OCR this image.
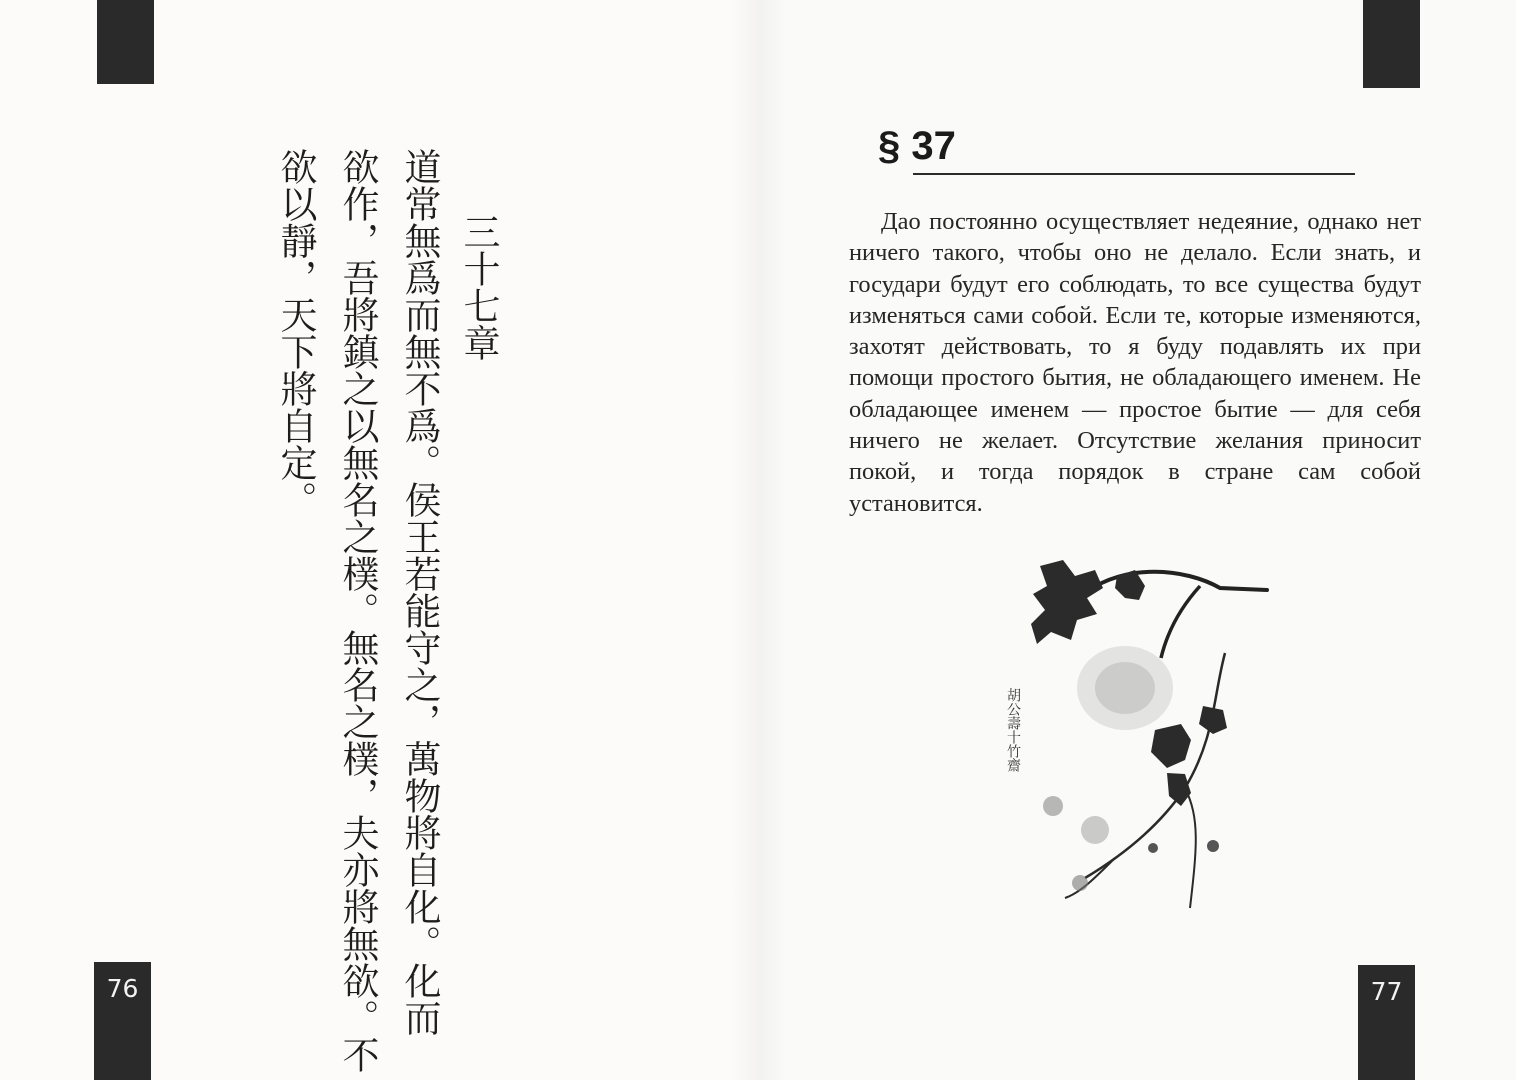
76	77
三十七章
道常無爲而無不爲。侯王若能守之，萬物將自化。化而
欲作，吾將鎮之以無名之樸。無名之樸，夫亦將無欲。不
欲以靜，天下將自定。
§ 37

Дао постоянно осуществляет недеяние, однако нет ничего такого, чтобы оно не делало. Если знать, и государи будут его соблюдать, то все существа будут изменяться сами собой. Если те, которые изменяются, захотят действовать, то я буду подавлять их при помощи простого бытия, не обладающего именем. Не обладающее именем — простое бытие — для себя ничего не желает. Отсутствие желания приносит покой, и тогда порядок в стране сам собой установится.

胡公壽十竹齋
